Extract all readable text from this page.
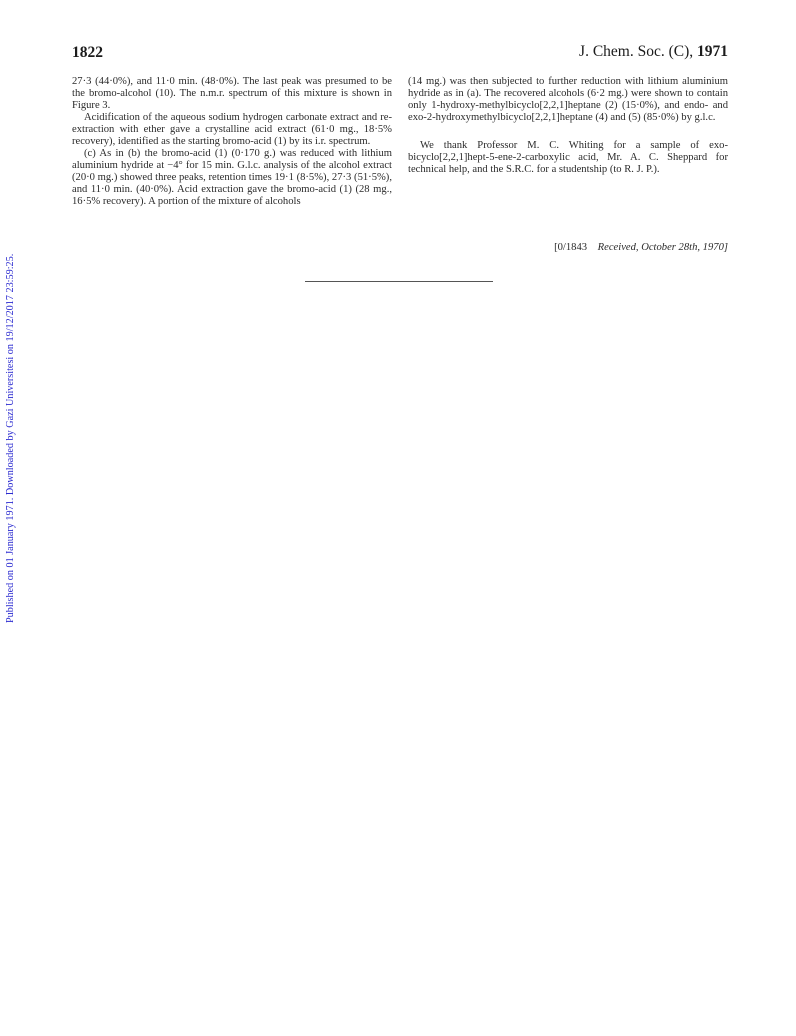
Published on 01 January 1971. Downloaded by Gazi Universitesi on 19/12/2017 23:59:25.
1822	J. Chem. Soc. (C), 1971

27·3 (44·0%), and 11·0 min. (48·0%). The last peak was presumed to be the bromo-alcohol (10). The n.m.r. spectrum of this mixture is shown in Figure 3.

Acidification of the aqueous sodium hydrogen carbonate extract and re-extraction with ether gave a crystalline acid extract (61·0 mg., 18·5% recovery), identified as the starting bromo-acid (1) by its i.r. spectrum.

(c) As in (b) the bromo-acid (1) (0·170 g.) was reduced with lithium aluminium hydride at −4° for 15 min. G.l.c. analysis of the alcohol extract (20·0 mg.) showed three peaks, retention times 19·1 (8·5%), 27·3 (51·5%), and 11·0 min. (40·0%). Acid extraction gave the bromo-acid (1) (28 mg., 16·5% recovery). A portion of the mixture of alcohols

(14 mg.) was then subjected to further reduction with lithium aluminium hydride as in (a). The recovered alcohols (6·2 mg.) were shown to contain only 1-hydroxy-methylbicyclo[2,2,1]heptane (2) (15·0%), and endo- and exo-2-hydroxymethylbicyclo[2,2,1]heptane (4) and (5) (85·0%) by g.l.c.

We thank Professor M. C. Whiting for a sample of exo-bicyclo[2,2,1]hept-5-ene-2-carboxylic acid, Mr. A. C. Sheppard for technical help, and the S.R.C. for a studentship (to R. J. P.).

[0/1843 Received, October 28th, 1970]
